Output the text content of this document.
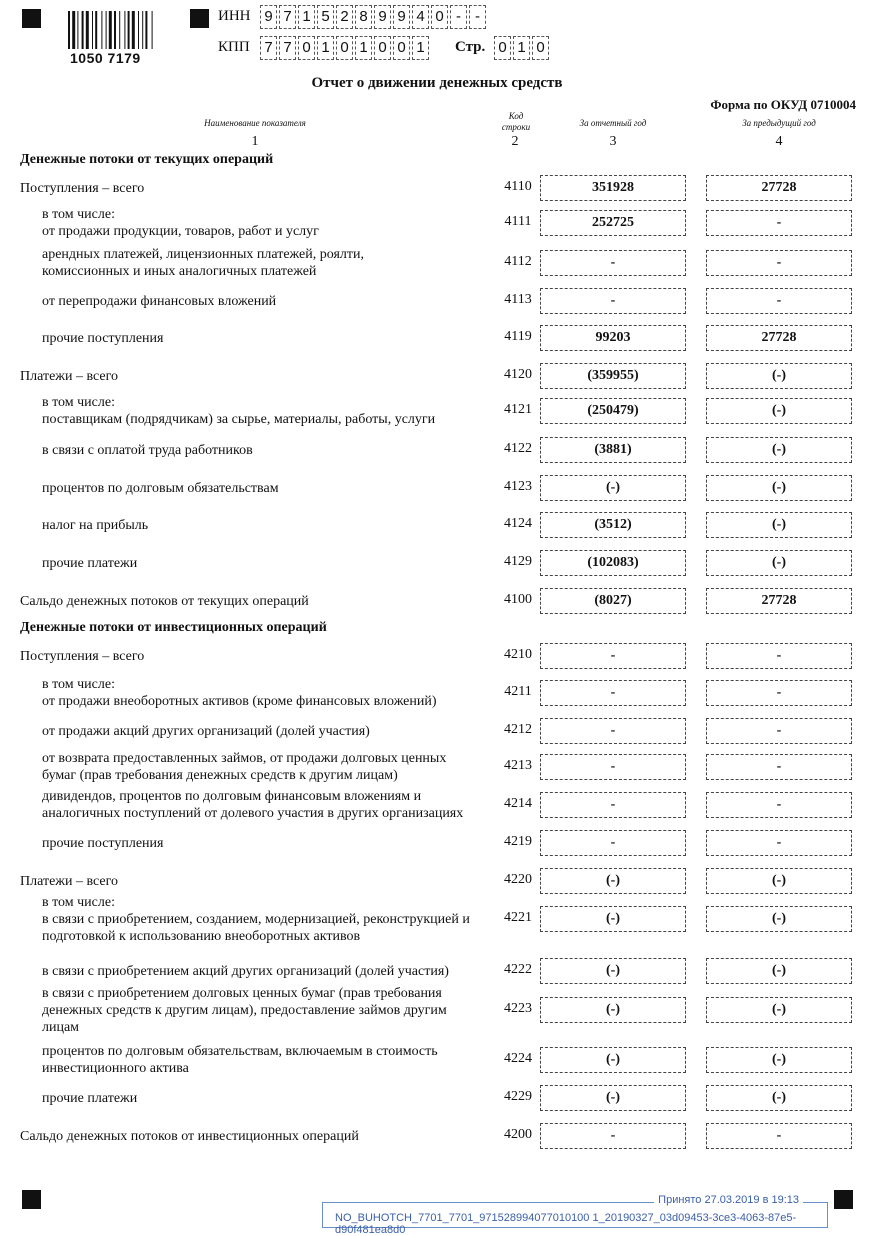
1050 7179
ИНН 9 7 1 5 2 8 9 9 4 0 - -
КПП 7 7 0 1 0 1 0 0 1 Стр. 0 1 0
Отчет о движении денежных средств
Форма по ОКУД 0710004
Наименование показателя
Код
строки	За отчетный год	За предыдущий год
1	2	3	4
Денежные потоки от текущих операций
Денежные потоки от инвестиционных операций
Поступления – всего	4110	351928	27728
в том числе:
от продажи продукции, товаров, работ и услуг
4111	252725	-
арендных платежей, лицензионных платежей, роялти,
комиссионных и иных аналогичных платежей
4112	-	-
от перепродажи финансовых вложений	4113	-	-
прочие поступления	4119	99203	27728
Платежи – всего	4120	(359955)	(-)
в том числе:
поставщикам (подрядчикам) за сырье, материалы, работы, услуги
4121	(250479)	(-)
в связи с оплатой труда работников	4122	(3881)	(-)
процентов по долговым обязательствам	4123	(-)	(-)
налог на прибыль	4124	(3512)	(-)
прочие платежи	4129	(102083)	(-)
Сальдо денежных потоков от текущих операций	4100	(8027)	27728
Поступления – всего	4210	-	-
в том числе:
от продажи внеоборотных активов (кроме финансовых вложений)
4211	-	-
от продажи акций других организаций (долей участия)	4212	-	-
от возврата предоставленных займов, от продажи долговых ценных
бумаг (прав требования денежных средств к другим лицам)
4213	-	-
дивидендов, процентов по долговым финансовым вложениям и
аналогичных поступлений от долевого участия в других организациях
4214	-	-
прочие поступления	4219	-	-
Платежи – всего	4220	(-)	(-)
в том числе:
в связи с приобретением, созданием, модернизацией, реконструкцией и
подготовкой к использованию внеоборотных активов
4221	(-)	(-)
в связи с приобретением акций других организаций (долей участия)	4222	(-)	(-)
в связи с приобретением долговых ценных бумаг (прав требования
денежных средств к другим лицам), предоставление займов другим
лицам
4223	(-)	(-)
процентов по долговым обязательствам, включаемым в стоимость
инвестиционного актива
4224	(-)	(-)
прочие платежи	4229	(-)	(-)
Сальдо денежных потоков от инвестиционных операций	4200	-	-
Принято 27.03.2019 в 19:13
NO_BUHOTCH_7701_7701_971528994077010100 1_20190327_03d09453-3ce3-4063-87e5-d90f481ea8d0
